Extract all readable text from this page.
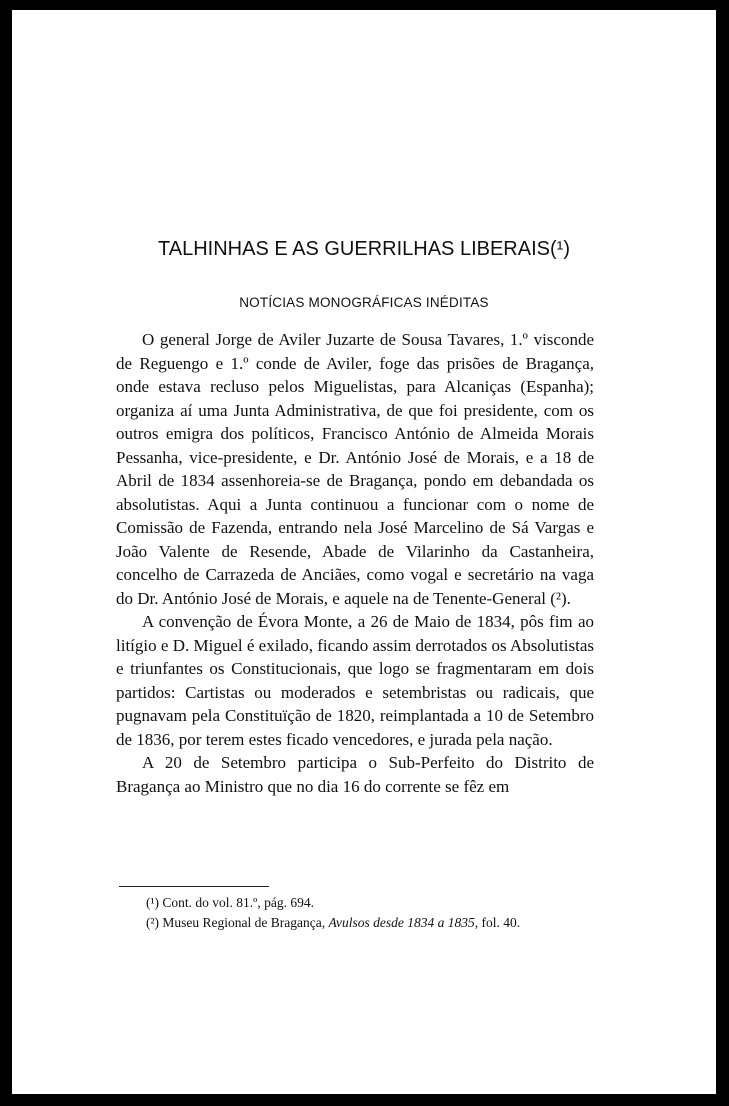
TALHINHAS E AS GUERRILHAS LIBERAIS(¹)
NOTÍCIAS MONOGRÁFICAS INÉDITAS

O general Jorge de Aviler Juzarte de Sousa Tavares, 1.º visconde de Reguengo e 1.º conde de Aviler, foge das prisões de Bragança, onde estava recluso pelos Miguelistas, para Alcaniças (Espanha); organiza aí uma Junta Administrativa, de que foi presidente, com os outros emigra dos políticos, Francisco António de Almeida Morais Pessanha, vice-presidente, e Dr. António José de Morais, e a 18 de Abril de 1834 assenhoreia-se de Bragança, pondo em debandada os absolutistas. Aqui a Junta continuou a funcionar com o nome de Comissão de Fazenda, entrando nela José Marcelino de Sá Vargas e João Valente de Resende, Abade de Vilarinho da Castanheira, concelho de Carrazeda de Anciães, como vogal e secretário na vaga do Dr. António José de Morais, e aquele na de Tenente-General (²).

A convenção de Évora Monte, a 26 de Maio de 1834, pôs fim ao litígio e D. Miguel é exilado, ficando assim derrotados os Absolutistas e triunfantes os Constitucionais, que logo se fragmentaram em dois partidos: Cartistas ou moderados e setembristas ou radicais, que pugnavam pela Constituïção de 1820, reimplantada a 10 de Setembro de 1836, por terem estes ficado vencedores, e jurada pela nação.

A 20 de Setembro participa o Sub-Perfeito do Distrito de Bragança ao Ministro que no dia 16 do corrente se fêz em

(¹) Cont. do vol. 81.º, pág. 694.
(²) Museu Regional de Bragança, Avulsos desde 1834 a 1835, fol. 40.
